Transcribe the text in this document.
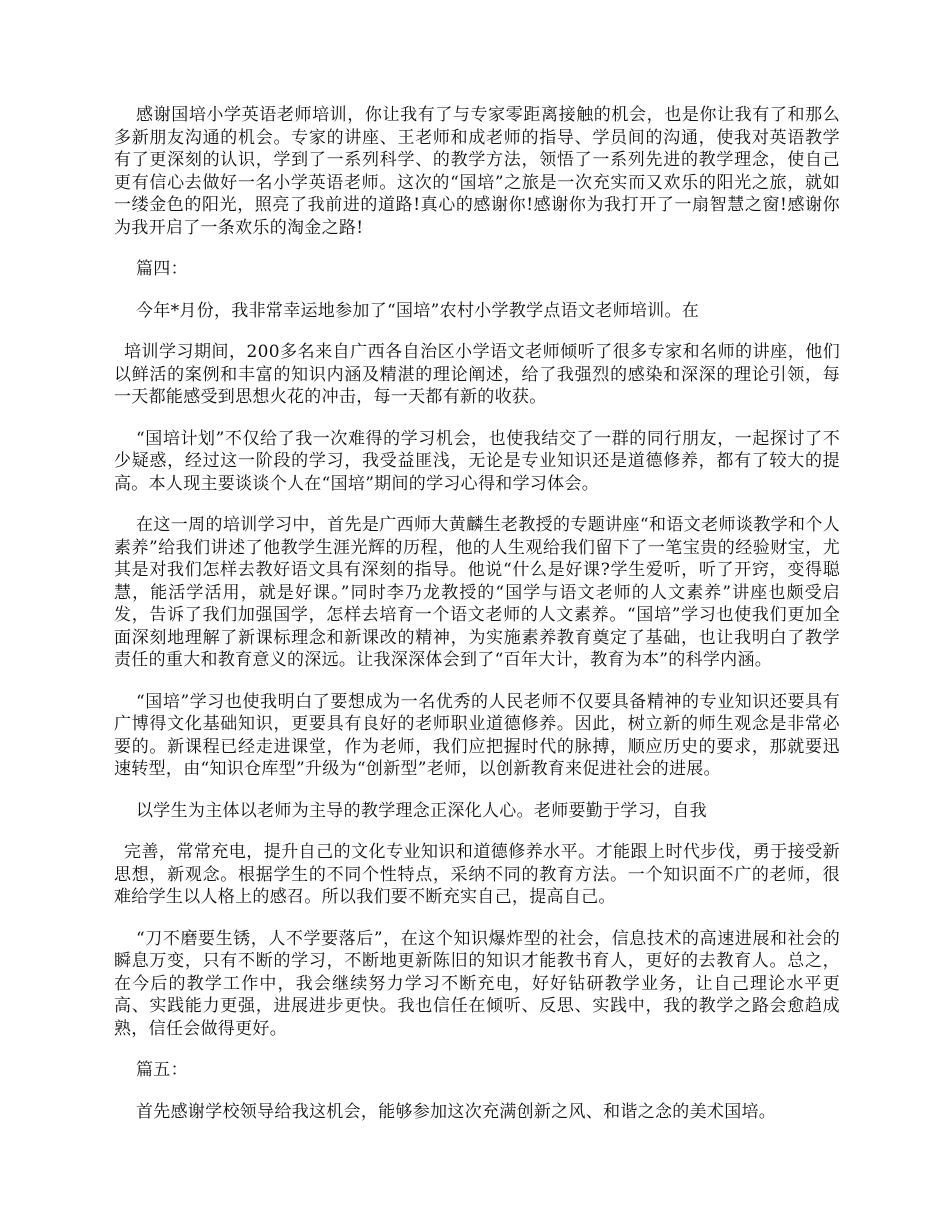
感谢国培小学英语老师培训，你让我有了与专家零距离接触的机会，也是你让我有了和那么多新朋友沟通的机会。专家的讲座、王老师和成老师的指导、学员间的沟通，使我对英语教学有了更深刻的认识，学到了一系列科学、的教学方法，领悟了一系列先进的教学理念，使自己更有信心去做好一名小学英语老师。这次的“国培”之旅是一次充实而又欢乐的阳光之旅，就如一缕金色的阳光，照亮了我前进的道路!真心的感谢你!感谢你为我打开了一扇智慧之窗!感谢你为我开启了一条欢乐的淘金之路!

篇四：

今年*月份，我非常幸运地参加了“国培”农村小学教学点语文老师培训。在

培训学习期间，200多名来自广西各自治区小学语文老师倾听了很多专家和名师的讲座，他们以鲜活的案例和丰富的知识内涵及精湛的理论阐述，给了我强烈的感染和深深的理论引领，每一天都能感受到思想火花的冲击，每一天都有新的收获。

“国培计划”不仅给了我一次难得的学习机会，也使我结交了一群的同行朋友，一起探讨了不少疑惑，经过这一阶段的学习，我受益匪浅，无论是专业知识还是道德修养，都有了较大的提高。本人现主要谈谈个人在“国培”期间的学习心得和学习体会。

在这一周的培训学习中，首先是广西师大黄麟生老教授的专题讲座“和语文老师谈教学和个人素养”给我们讲述了他教学生涯光辉的历程，他的人生观给我们留下了一笔宝贵的经验财宝，尤其是对我们怎样去教好语文具有深刻的指导。他说“什么是好课?学生爱听，听了开窍，变得聪慧，能活学活用，就是好课。”同时李乃龙教授的“国学与语文老师的人文素养”讲座也颇受启发，告诉了我们加强国学，怎样去培育一个语文老师的人文素养。“国培”学习也使我们更加全面深刻地理解了新课标理念和新课改的精神，为实施素养教育奠定了基础，也让我明白了教学责任的重大和教育意义的深远。让我深深体会到了“百年大计，教育为本”的科学内涵。

“国培”学习也使我明白了要想成为一名优秀的人民老师不仅要具备精神的专业知识还要具有广博得文化基础知识，更要具有良好的老师职业道德修养。因此，树立新的师生观念是非常必要的。新课程已经走进课堂，作为老师，我们应把握时代的脉搏，顺应历史的要求，那就要迅速转型，由“知识仓库型”升级为“创新型”老师，以创新教育来促进社会的进展。

以学生为主体以老师为主导的教学理念正深化人心。老师要勤于学习，自我

完善，常常充电，提升自己的文化专业知识和道德修养水平。才能跟上时代步伐，勇于接受新思想，新观念。根据学生的不同个性特点，采纳不同的教育方法。一个知识面不广的老师，很难给学生以人格上的感召。所以我们要不断充实自己，提高自己。

“刀不磨要生锈，人不学要落后”，在这个知识爆炸型的社会，信息技术的高速进展和社会的瞬息万变，只有不断的学习，不断地更新陈旧的知识才能教书育人，更好的去教育人。总之，在今后的教学工作中，我会继续努力学习不断充电，好好钻研教学业务，让自己理论水平更高、实践能力更强，进展进步更快。我也信任在倾听、反思、实践中，我的教学之路会愈趋成熟，信任会做得更好。

篇五：

首先感谢学校领导给我这机会，能够参加这次充满创新之风、和谐之念的美术国培。
